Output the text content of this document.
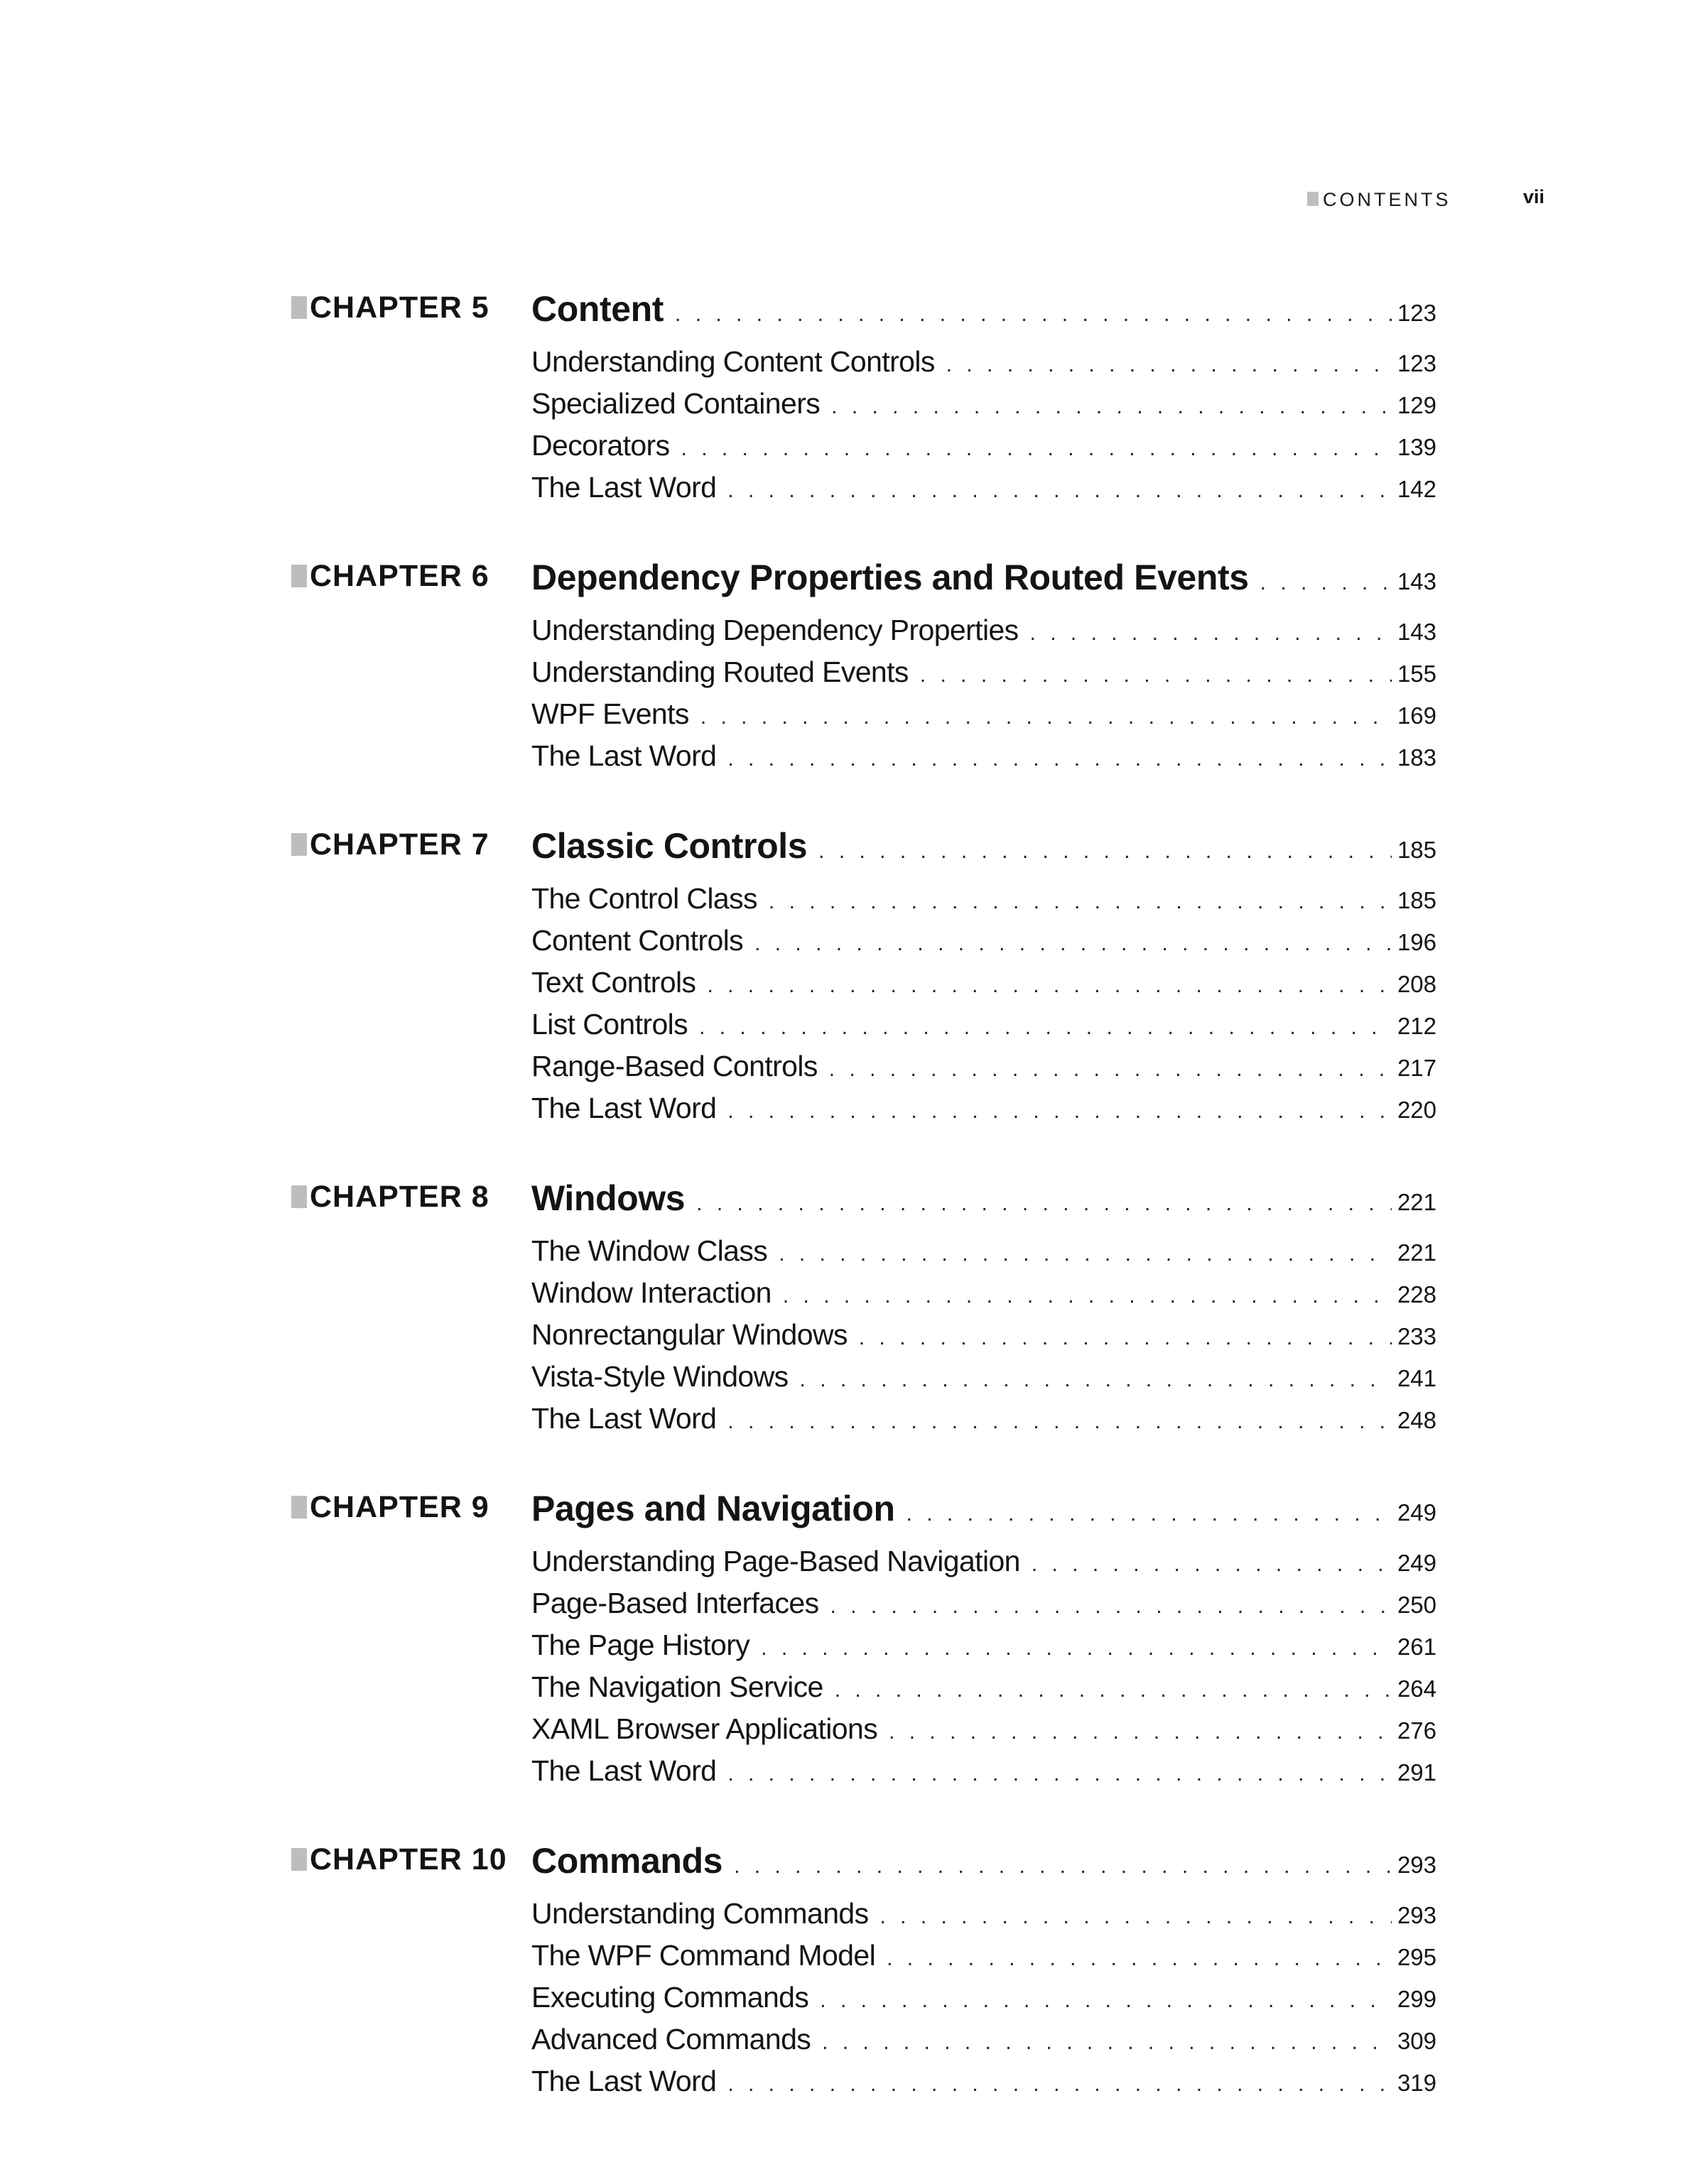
CONTENTS	vii
CHAPTER 5 Content . . .	123
Understanding Content Controls . . .	123
Specialized Containers . . .	129
Decorators . . .	139
The Last Word . . .	142
CHAPTER 6 Dependency Properties and Routed Events . . .	143
Understanding Dependency Properties . . .	143
Understanding Routed Events . . .	155
WPF Events . . .	169
The Last Word . . .	183
CHAPTER 7 Classic Controls . . .	185
The Control Class . . .	185
Content Controls . . .	196
Text Controls . . .	208
List Controls . . .	212
Range-Based Controls . . .	217
The Last Word . . .	220
CHAPTER 8 Windows . . .	221
The Window Class . . .	221
Window Interaction . . .	228
Nonrectangular Windows . . .	233
Vista-Style Windows . . .	241
The Last Word . . .	248
CHAPTER 9 Pages and Navigation . . .	249
Understanding Page-Based Navigation . . .	249
Page-Based Interfaces . . .	250
The Page History . . .	261
The Navigation Service . . .	264
XAML Browser Applications . . .	276
The Last Word . . .	291
CHAPTER 10 Commands . . .	293
Understanding Commands . . .	293
The WPF Command Model . . .	295
Executing Commands . . .	299
Advanced Commands . . .	309
The Last Word . . .	319
